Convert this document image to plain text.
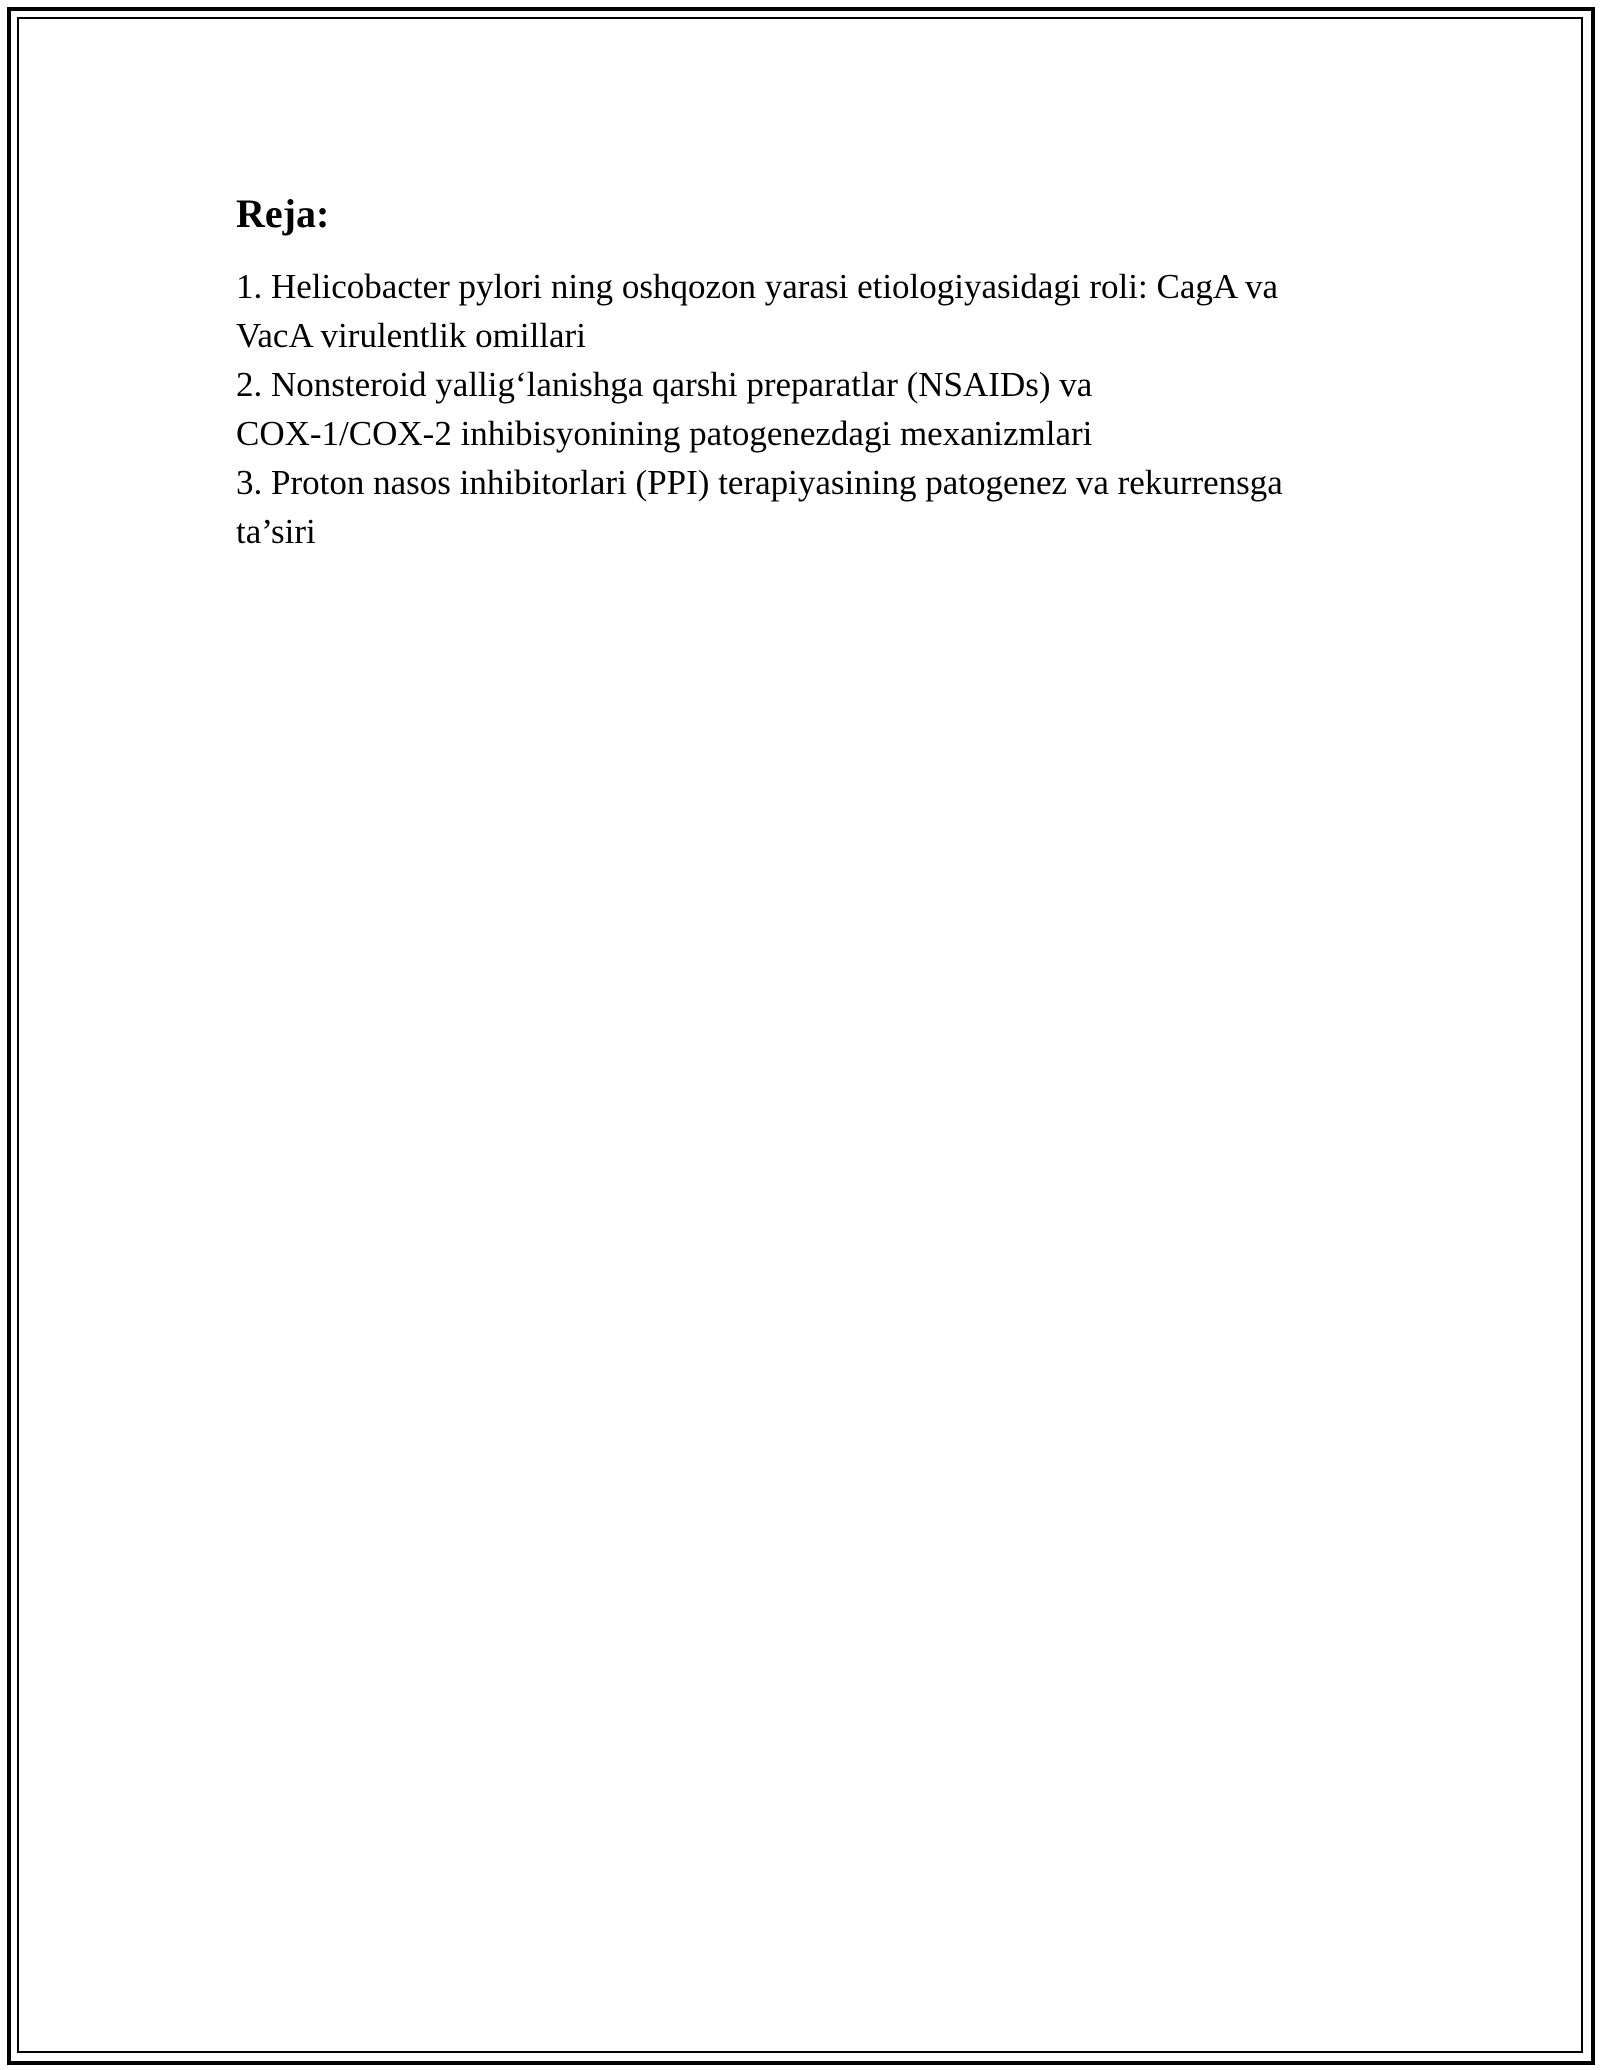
Reja:
1. Helicobacter pylori ning oshqozon yarasi etiologiyasidagi roli: CagA va
VacA virulentlik omillari
2. Nonsteroid yallig‘lanishga qarshi preparatlar (NSAIDs) va
COX-1/COX-2 inhibisyonining patogenezdagi mexanizmlari
3. Proton nasos inhibitorlari (PPI) terapiyasining patogenez va rekurrensga
ta’siri
